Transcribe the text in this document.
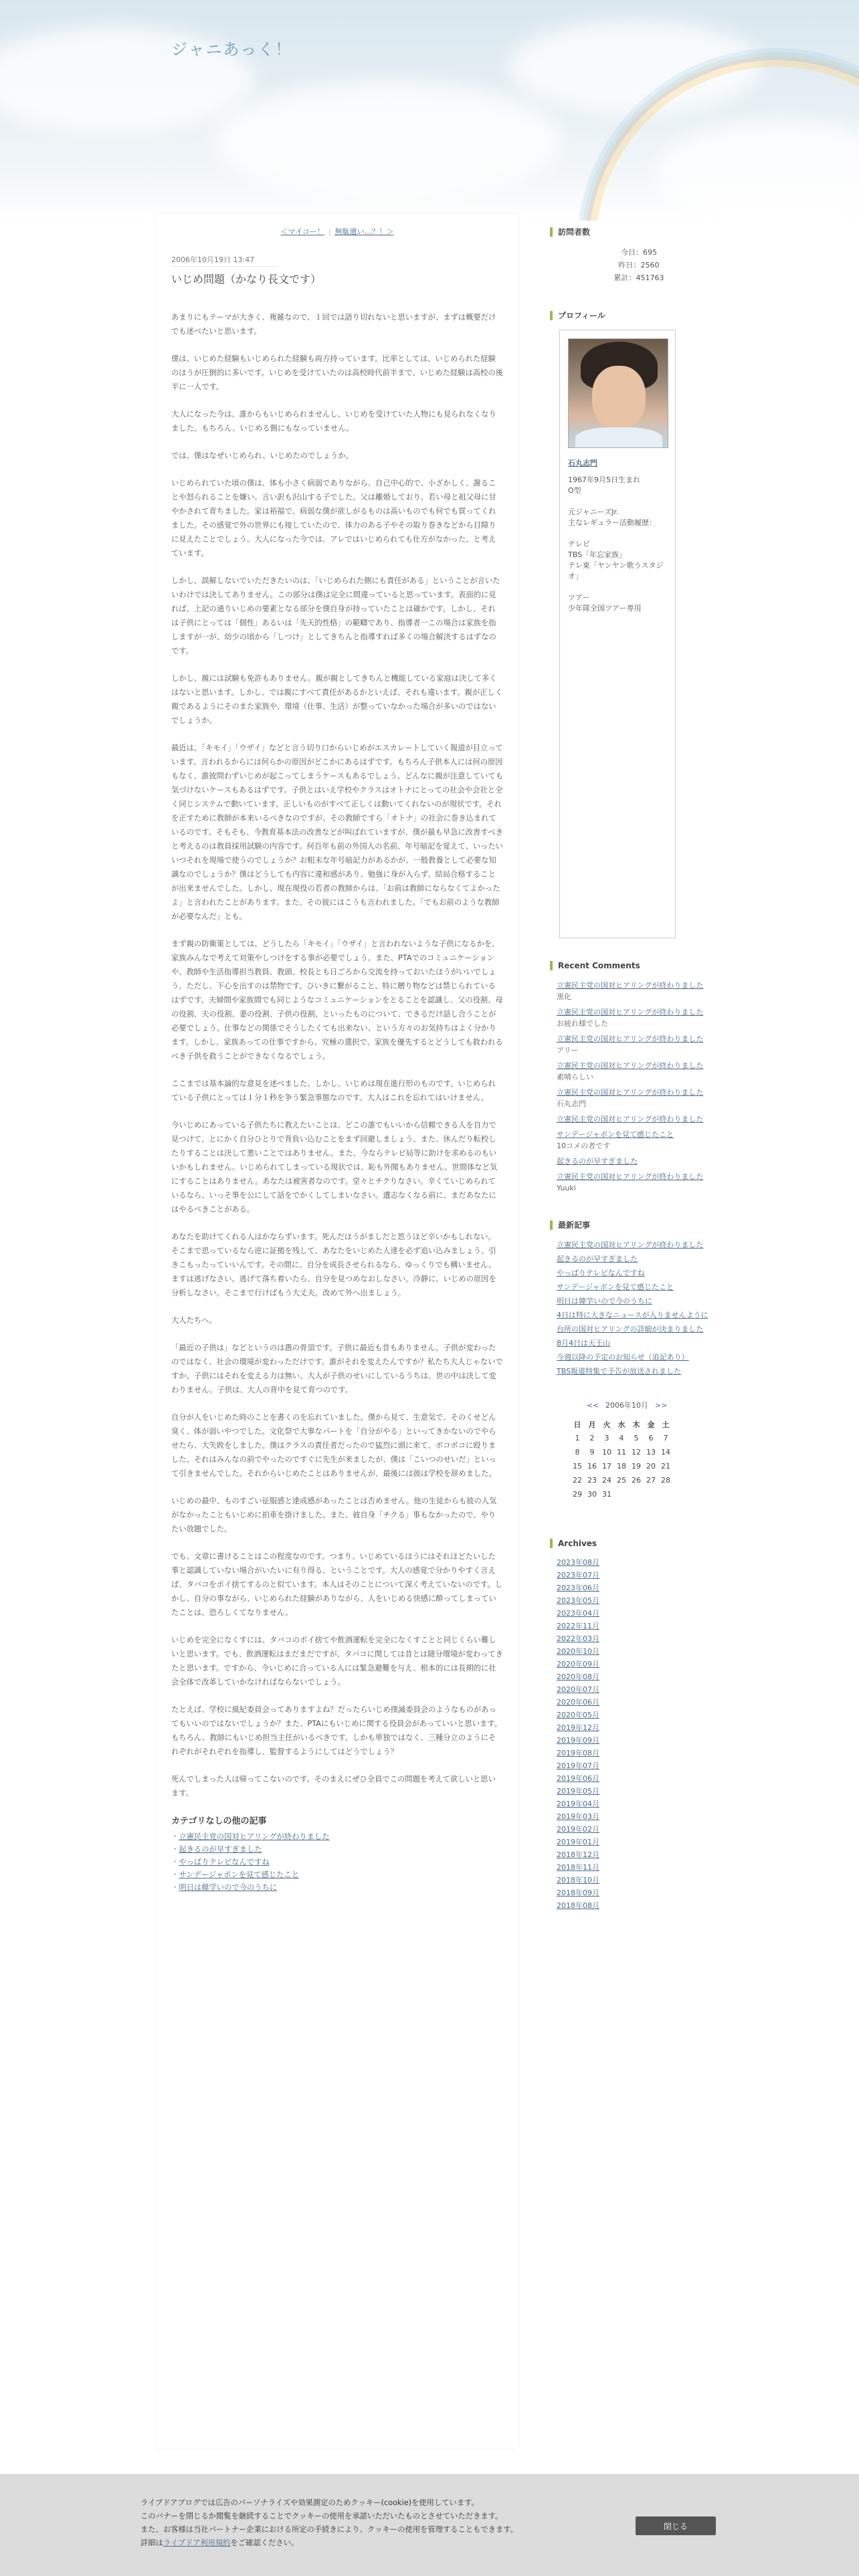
ジャニあっく！
＜マイコー！ | 無駄遣い…？！＞
2006年10月19日 13:47
いじめ問題（かなり長文です）

あまりにもテーマが大きく、複雑なので、１回では語り切れないと思いますが、まずは概要だけでも述べたいと思います。

僕は、いじめた経験もいじめられた経験も両方持っています。比率としては、いじめられた経験のほうが圧倒的に多いです。いじめを受けていたのは高校時代前半まで、いじめた経験は高校の後半に一人です。

大人になった今は、誰からもいじめられませんし、いじめを受けていた人物にも見られなくなりました。もちろん、いじめる側にもなっていません。

では、僕はなぜいじめられ、いじめたのでしょうか。

いじめられていた頃の僕は、体も小さく病弱でありながら、自己中心的で、小ざかしく、謝ることや怒られることを嫌い、言い訳も沢山する子でした。父は離婚しており、若い母と祖父母に甘やかされて育ちました。家は裕福で、病弱な僕が欲しがるものは高いものでも何でも買ってくれました。その感覚で外の世界にも接していたので、体力のある子やその取り巻きなどから目障りに見えたことでしょう。大人になった今では、アレではいじめられても仕方がなかった、と考えています。

しかし、誤解しないでいただきたいのは、「いじめられた側にも責任がある」ということが言いたいわけでは決してありません。この部分は僕は完全に間違っていると思っています。表面的に見れば、上記の通りいじめの要素となる部分を僕自身が持っていたことは確かです。しかし、それは子供にとっては「個性」あるいは「先天的性格」の範疇であり、指導者一この場合は家族を指しますが一が、幼少の頃から「しつけ」としてきちんと指導すれば多くの場合解決するはずなのです。

しかし、親には試験も免許もありません。親が親としてきちんと機能している家庭は決して多くはないと思います。しかし、では親にすべて責任があるかといえば、それも違います。親が正しく親であるようにそのまた家族や、環境（仕事、生活）が整っていなかった場合が多いのではないでしょうか。

最近は、「キモイ」「ウザイ」などと言う切り口からいじめがエスカレートしていく報道が目立っています。言われるからには何らかの原因がどこかにあるはずです。もちろん子供本人には何の原因もなく、誰彼問わずいじめが起こってしまうケースもあるでしょう。どんなに親が注意していても気づけないケースもあるはずです。子供とはいえ学校やクラスはオトナにとっての社会や会社と全く同じシステムで動いています。正しいものがすべて正しくは動いてくれないのが現状です。それを正すために教師が本来いるべきなのですが、その教師ですら「オトナ」の社会に巻き込まれているのです。そもそも、今教育基本法の改善などが叫ばれていますが、僕が最も早急に改善すべきと考えるのは教員採用試験の内容です。何百年も前の外国人の名前、年号暗記を覚えて、いったいいつそれを現場で使うのでしょうか？お粗末な年号暗記力があるかが、一般教養として必要な知識なのでしょうか？僕はどうしても内容に違和感があり、勉強に身が入らず、結局合格することが出来ませんでした。しかし、現在現役の若者の教師からは、「お前は教師にならなくてよかったよ」と言われたことがあります。また、その彼にはこうも言われました。「でもお前のような教師が必要なんだ」とも。

まず親の防衛策としては、どうしたら「キモイ」「ウザイ」と言われないような子供になるかを、家族みんなで考えて対策やしつけをする事が必要でしょう。また、PTAでのコミュニケーションや、教師や生活指導担当教員、教頭、校長とも日ごろから交流を持っておいたほうがいいでしょう。ただし、下心を出すのは禁物です。ひいきに繋がること、特に贈り物などは禁じられているはずです。夫婦間や家族間でも同じようなコミュニケーションをとることを認識し、父の役割、母の役割、夫の役割、妻の役割、子供の役割、といったものについて、できるだけ話し合うことが必要でしょう。仕事などの関係でそうしたくても出来ない、という方々のお気持ちはよく分かります。しかし、家族あっての仕事ですから、究極の選択で、家族を優先するとどうしても救われるべき子供を救うことができなくなるでしょう。

ここまでは基本論的な意見を述べました。しかし、いじめは現在進行形のものです。いじめられている子供にとっては１分１秒を争う緊急事態なのです。大人はこれを忘れてはいけません。

今いじめにあっている子供たちに教えたいことは、どこの誰でもいいから信頼できる人を自力で見つけて、とにかく自分ひとりで背負い込むことをまず回避しましょう。また、休んだり転校したりすることは決して悪いことではありません。また、今ならテレビ局等に助けを求めるのもいいかもしれません。いじめられてしまっている現状では、恥も外聞もありません。世間体など気にすることはありません。あなたは被害者なのです。堂々とチクりなさい。辛くていじめられているなら、いっそ事を公にして話をでかくしてしまいなさい。遺志なくなる前に、まだあなたにはやるべきことがある。

あなたを助けてくれる人はかならずいます。死んだほうがましだと思うほど辛いかもしれない。そこまで思っているなら逆に証拠を残して、あなたをいじめた人達を必ず追い込みましょう。引きこもったっていいんです。その間に、自分を成長させられるなら、ゆっくりでも構いません。ますは逃げなさい。逃げて落ち着いたら、自分を見つめなおしなさい。冷静に、いじめの原因を分析しなさい。そこまで行けばもう大丈夫。改めて外へ出ましょう。

大人たちへ。

「最近の子供は」などというのは愚の骨頂です。子供に最近も昔もありません。子供が変わったのではなく、社会の環境が変わっただけです。誰がそれを変えたんですか？私たち大人じゃないですか。子供にはそれを変える力は無い。大人が子供のせいにしているうちは、世の中は決して変わりません。子供は、大人の背中を見て育つのです。

自分が人をいじめた時のことを書くのを忘れていました。僕から見て、生意気で、そのくせどん臭く、体が弱いやつでした。文化祭で大事なパートを「自分がやる」といってきかないのでやらせたら、大失敗をしました。僕はクラスの責任者だったので猛烈に頭に来て、ボコボコに殴りました。それはみんなの前でやったのですぐに先生が来ましたが、僕は「こいつのせいだ」といって引きませんでした。それからいじめたことはありませんが、最後には彼は学校を辞めました。

いじめの最中、ものすごい征服感と達成感があったことは否めません。他の生徒からも彼の人気がなかったこともいじめに拍車を掛けました。また、彼自身「チクる」事もなかったので、やりたい放題でした。

でも、文章に書けることはこの程度なのです。つまり、いじめているほうにはそれほどたいした事と認識していない場合がいたいに有り得る、ということです。大人の感覚で分かりやすく言えば、タバコをポイ捨てするのと似ています。本人はそのことについて深く考えていないのです。しかし、自分の事ながら、いじめられた経験がありながら、人をいじめる快感に酔ってしまっていたことは、恐ろしくてなりません。

いじめを完全になくすには、タバコのポイ捨てや飲酒運転を完全になくすことと同じくらい難しいと思います。でも、飲酒運転はまだまだですが、タバコに関しては昔とは随分環境が変わってきたと思います。ですから、今いじめに合っている人には緊急避難を与え、根本的には長期的に社会全体で改革していかなければならないでしょう。

たとえば、学校に風紀委員会ってありますよね？だったらいじめ撲滅委員会のようなものがあってもいいのではないでしょうか？また、PTAにもいじめに関する役員会があっていいと思います。もちろん、教師にもいじめ担当主任がいるべきです。しかも単独ではなく、三種分立のようにそれぞれがそれぞれを指導し、監督するようにしてはどうでしょう？

死んでしまった人は帰ってこないのです。そのまえにぜひ全員でこの問題を考えて欲しいと思います。

カテゴリなしの他の記事
・ 立憲民主党の国対ヒアリングが終わりました
・ 起きるのが早すぎました
・ やっぱりテレビなんですね
・ サンデージャポンを見て感じたこと
・ 明日は韓学いので今のうちに
訪問者数
今日：695
昨日：2560
累計：451763
プロフィール
石丸志門
1967年9月5日生まれ
O型

元ジャニーズJr.
主なレギュラー活動履歴：

テレビ
TBS「年忘家族」
テレ東「ヤンヤン歌うスタジオ」

ツアー
少年隊全国ツアー専用
Recent Comments
立憲民主党の国対ヒアリングが終わりました
黒化
立憲民主党の国対ヒアリングが終わりました
お疲れ様でした
立憲民主党の国対ヒアリングが終わりました
アリー
立憲民主党の国対ヒアリングが終わりました
素晴らしい
立憲民主党の国対ヒアリングが終わりました
石丸志門
立憲民主党の国対ヒアリングが終わりました
サンデージャポンを見て感じたこと
10コメの者です
起きるのが早すぎました
立憲民主党の国対ヒアリングが終わりました
Yuuki
最新記事
立憲民主党の国対ヒアリングが終わりました
起きるのが早すぎました
やっぱりテレビなんですね
サンデージャポンを見て感じたこと
明日は韓学いので今のうちに
4日は特に大きなニュースが入りませんように
台所の国対ヒアリングの詳細が決まりました
8月4日は天王山
今週以降の予定のお知らせ（追記あり）
TBS報道特集で予告が放送されました
<< 2006年10月 >>
日	月	火	水	木	金	土
1	2	3	4	5	6	7
8	9	10	11	12	13	14
15	16	17	18	19	20	21
22	23	24	25	26	27	28
29	30	31				
Archives
2023年08月
2023年07月
2023年06月
2023年05月
2023年04月
2022年11月
2022年03月
2020年10月
2020年09月
2020年08月
2020年07月
2020年06月
2020年05月
2019年12月
2019年09月
2019年08月
2019年07月
2019年06月
2019年05月
2019年04月
2019年03月
2019年02月
2019年01月
2018年12月
2018年11月
2018年10月
2018年09月
2018年08月
ライブドアブログでは広告のパーソナライズや効果測定のためクッキー(cookie)を使用しています。
このバナーを閉じるか閲覧を継続することでクッキーの使用を承諾いただいたものとさせていただきます。
また、お客様は当社パートナー企業における所定の手続きにより、クッキーの使用を管理することもできます。
詳細はライブドア利用規約をご確認ください。
閉じる
